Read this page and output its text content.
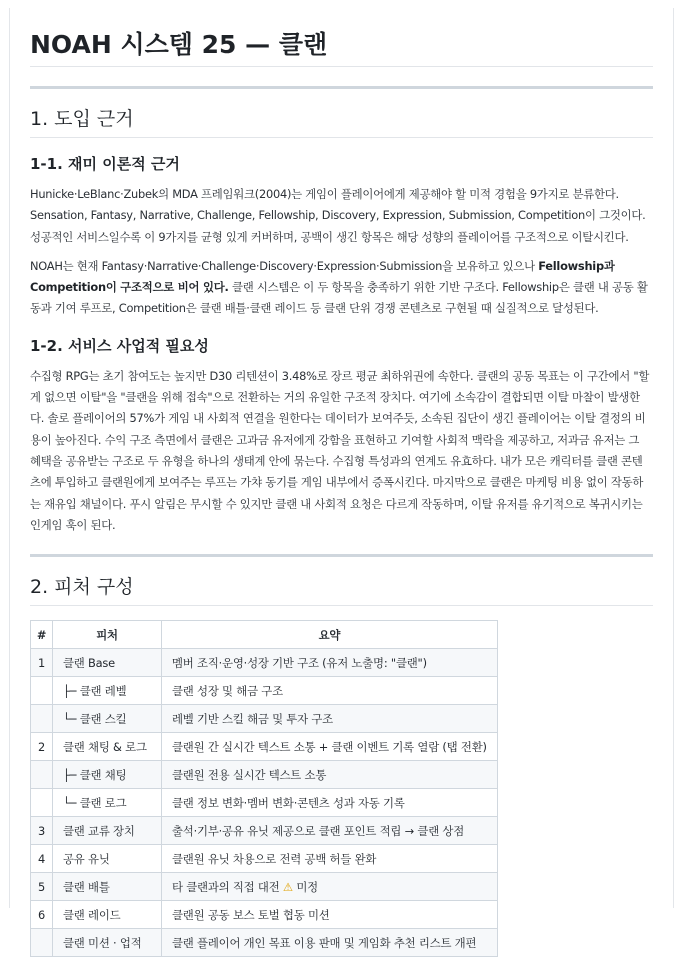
NOAH 시스템 25 — 클랜
1. 도입 근거
1-1. 재미 이론적 근거

Hunicke·LeBlanc·Zubek의 MDA 프레임워크(2004)는 게임이 플레이어에게 제공해야 할 미적 경험을 9가지로 분류한다. Sensation, Fantasy, Narrative, Challenge, Fellowship, Discovery, Expression, Submission, Competition이 그것이다. 성공적인 서비스일수록 이 9가지를 균형 있게 커버하며, 공백이 생긴 항목은 해당 성향의 플레이어를 구조적으로 이탈시킨다.

NOAH는 현재 Fantasy·Narrative·Challenge·Discovery·Expression·Submission을 보유하고 있으나 Fellowship과 Competition이 구조적으로 비어 있다. 클랜 시스템은 이 두 항목을 충족하기 위한 기반 구조다. Fellowship은 클랜 내 공동 활동과 기여 루프로, Competition은 클랜 배틀·클랜 레이드 등 클랜 단위 경쟁 콘텐츠로 구현될 때 실질적으로 달성된다.

1-2. 서비스 사업적 필요성

수집형 RPG는 초기 참여도는 높지만 D30 리텐션이 3.48%로 장르 평균 최하위권에 속한다. 클랜의 공동 목표는 이 구간에서 "할 게 없으면 이탈"을 "클랜을 위해 접속"으로 전환하는 거의 유일한 구조적 장치다. 여기에 소속감이 결합되면 이탈 마찰이 발생한다. 솔로 플레이어의 57%가 게임 내 사회적 연결을 원한다는 데이터가 보여주듯, 소속된 집단이 생긴 플레이어는 이탈 결정의 비용이 높아진다. 수익 구조 측면에서 클랜은 고과금 유저에게 강함을 표현하고 기여할 사회적 맥락을 제공하고, 저과금 유저는 그 혜택을 공유받는 구조로 두 유형을 하나의 생태계 안에 묶는다. 수집형 특성과의 연계도 유효하다. 내가 모은 캐릭터를 클랜 콘텐츠에 투입하고 클랜원에게 보여주는 루프는 가챠 동기를 게임 내부에서 증폭시킨다. 마지막으로 클랜은 마케팅 비용 없이 작동하는 재유입 채널이다. 푸시 알림은 무시할 수 있지만 클랜 내 사회적 요청은 다르게 작동하며, 이탈 유저를 유기적으로 복귀시키는 인게임 훅이 된다.

2. 피처 구성
#	피처	요약
1	클랜 Base	멤버 조직·운영·성장 기반 구조 (유저 노출명: "클랜")
	├─ 클랜 레벨	클랜 성장 및 해금 구조
	└─ 클랜 스킬	레벨 기반 스킬 해금 및 투자 구조
2	클랜 채팅 & 로그	클랜원 간 실시간 텍스트 소통 + 클랜 이벤트 기록 열람 (탭 전환)
	├─ 클랜 채팅	클랜원 전용 실시간 텍스트 소통
	└─ 클랜 로그	클랜 정보 변화·멤버 변화·콘텐츠 성과 자동 기록
3	클랜 교류 장치	출석·기부·공유 유닛 제공으로 클랜 포인트 적립 → 클랜 상점
4	공유 유닛	클랜원 유닛 차용으로 전력 공백 허들 완화
5	클랜 배틀	타 클랜과의 직접 대전 ⚠ 미정
6	클랜 레이드	클랜원 공동 보스 토벌 협동 미션
	클랜 미션 · 업적	클랜 플레이어 개인 목표 이용 판매 및 게임화 추천 리스트 개편
